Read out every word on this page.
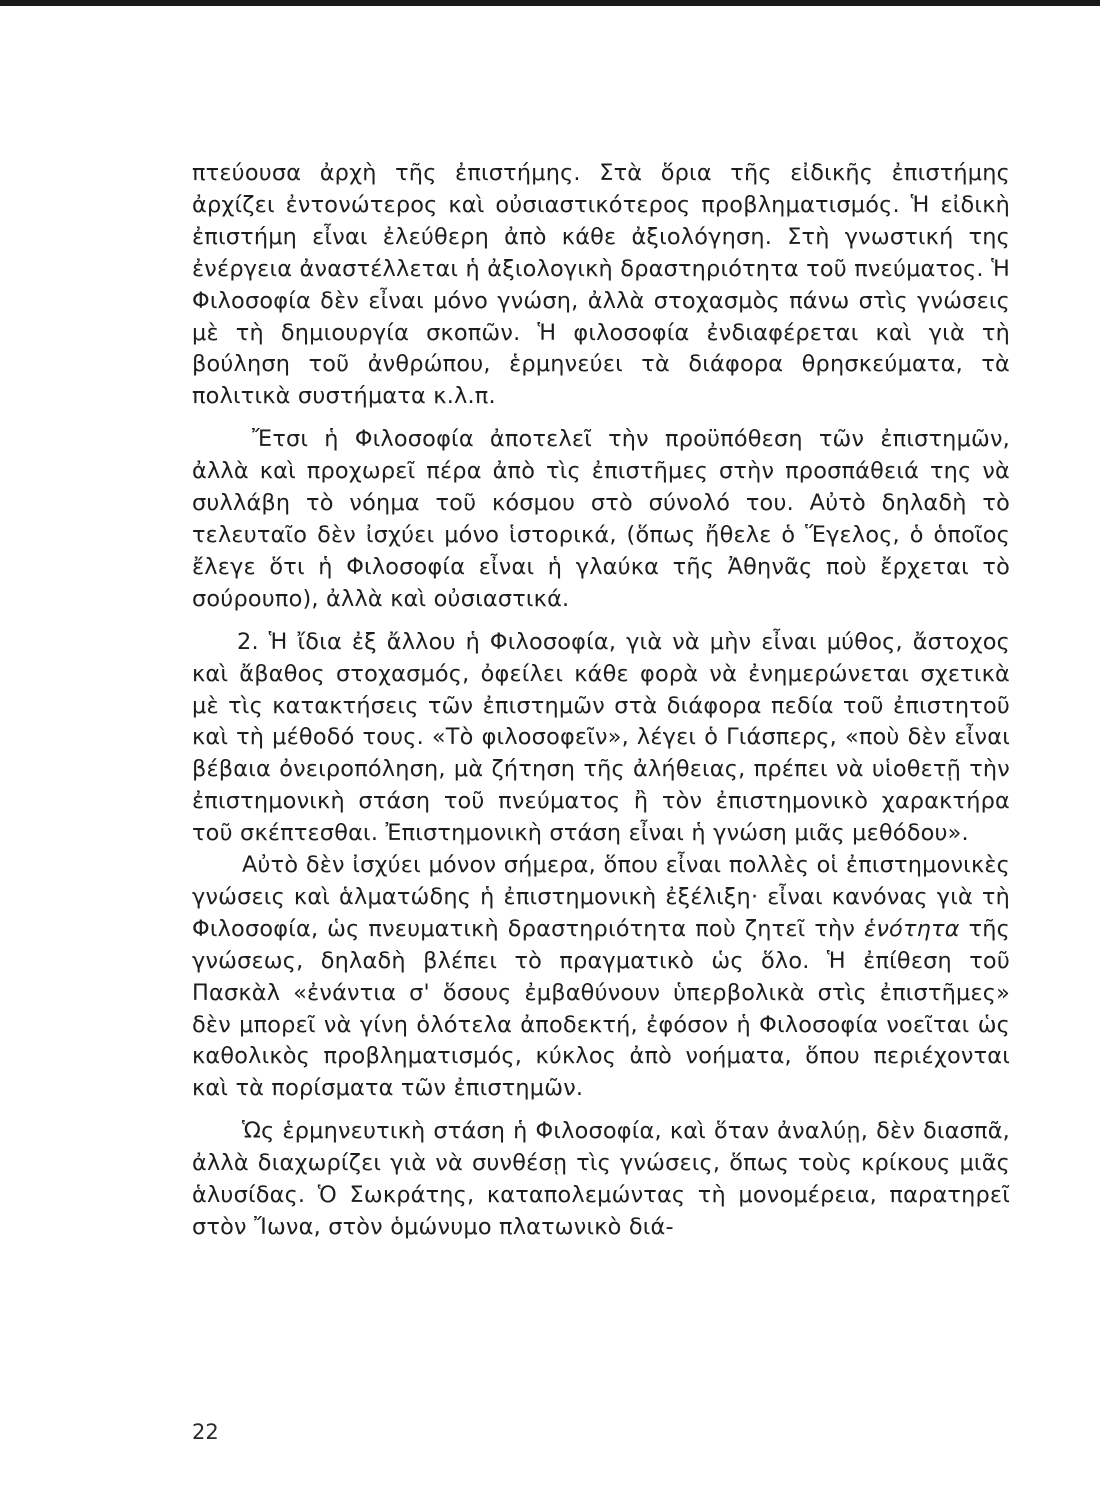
πτεύουσα ἀρχὴ τῆς ἐπιστήμης. Στὰ ὅρια τῆς εἰδικῆς ἐπιστήμης ἀρχίζει ἐντονώτερος καὶ οὐσιαστικότερος προβληματισμός. Ἡ εἰδικὴ ἐπιστήμη εἶναι ἐλεύθερη ἀπὸ κάθε ἀξιολόγηση. Στὴ γνωστική της ἐνέργεια ἀναστέλλεται ἡ ἀξιολογικὴ δραστηριότητα τοῦ πνεύματος. Ἡ Φιλοσοφία δὲν εἶναι μόνο γνώση, ἀλλὰ στοχασμὸς πάνω στὶς γνώσεις μὲ τὴ δημιουργία σκοπῶν. Ἡ φιλοσοφία ἐνδιαφέρεται καὶ γιὰ τὴ βούληση τοῦ ἀνθρώπου, ἑρμηνεύει τὰ διάφορα θρησκεύματα, τὰ πολιτικὰ συστήματα κ.λ.π.

Ἔτσι ἡ Φιλοσοφία ἀποτελεῖ τὴν προϋπόθεση τῶν ἐπιστημῶν, ἀλλὰ καὶ προχωρεῖ πέρα ἀπὸ τὶς ἐπιστῆμες στὴν προσπάθειά της νὰ συλλάβη τὸ νόημα τοῦ κόσμου στὸ σύνολό του. Αὐτὸ δηλαδὴ τὸ τελευταῖο δὲν ἰσχύει μόνο ἱστορικά, (ὅπως ἤθελε ὁ Ἕγελος, ὁ ὁποῖος ἔλεγε ὅτι ἡ Φιλοσοφία εἶναι ἡ γλαύκα τῆς Ἀθηνᾶς ποὺ ἔρχεται τὸ σούρουπο), ἀλλὰ καὶ οὐσιαστικά.

2. Ἡ ἴδια ἐξ ἄλλου ἡ Φιλοσοφία, γιὰ νὰ μὴν εἶναι μύθος, ἄστοχος καὶ ἄβαθος στοχασμός, ὀφείλει κάθε φορὰ νὰ ἐνημερώνεται σχετικὰ μὲ τὶς κατακτήσεις τῶν ἐπιστημῶν στὰ διάφορα πεδία τοῦ ἐπιστητοῦ καὶ τὴ μέθοδό τους. «Τὸ φιλοσοφεῖν», λέγει ὁ Γιάσπερς, «ποὺ δὲν εἶναι βέβαια ὀνειροπόληση, μὰ ζήτηση τῆς ἀλήθειας, πρέπει νὰ υἱοθετῇ τὴν ἐπιστημονικὴ στάση τοῦ πνεύματος ἢ τὸν ἐπιστημονικὸ χαρακτήρα τοῦ σκέπτεσθαι. Ἐπιστημονικὴ στάση εἶναι ἡ γνώση μιᾶς μεθόδου».

Αὐτὸ δὲν ἰσχύει μόνον σήμερα, ὅπου εἶναι πολλὲς οἱ ἐπιστημονικὲς γνώσεις καὶ ἁλματώδης ἡ ἐπιστημονικὴ ἐξέλιξη· εἶναι κανόνας γιὰ τὴ Φιλοσοφία, ὡς πνευματικὴ δραστηριότητα ποὺ ζητεῖ τὴν ἑνότητα τῆς γνώσεως, δηλαδὴ βλέπει τὸ πραγματικὸ ὡς ὅλο. Ἡ ἐπίθεση τοῦ Πασκὰλ «ἐνάντια σ' ὅσους ἐμβαθύνουν ὑπερβολικὰ στὶς ἐπιστῆμες» δὲν μπορεῖ νὰ γίνη ὁλότελα ἀποδεκτή, ἐφόσον ἡ Φιλοσοφία νοεῖται ὡς καθολικὸς προβληματισμός, κύκλος ἀπὸ νοήματα, ὅπου περιέχονται καὶ τὰ πορίσματα τῶν ἐπιστημῶν.

Ὡς ἑρμηνευτικὴ στάση ἡ Φιλοσοφία, καὶ ὅταν ἀναλύῃ, δὲν διασπᾶ, ἀλλὰ διαχωρίζει γιὰ νὰ συνθέσῃ τὶς γνώσεις, ὅπως τοὺς κρίκους μιᾶς ἁλυσίδας. Ὁ Σωκράτης, καταπολεμώντας τὴ μονομέρεια, παρατηρεῖ στὸν Ἴωνα, στὸν ὁμώνυμο πλατωνικὸ διά-

22
